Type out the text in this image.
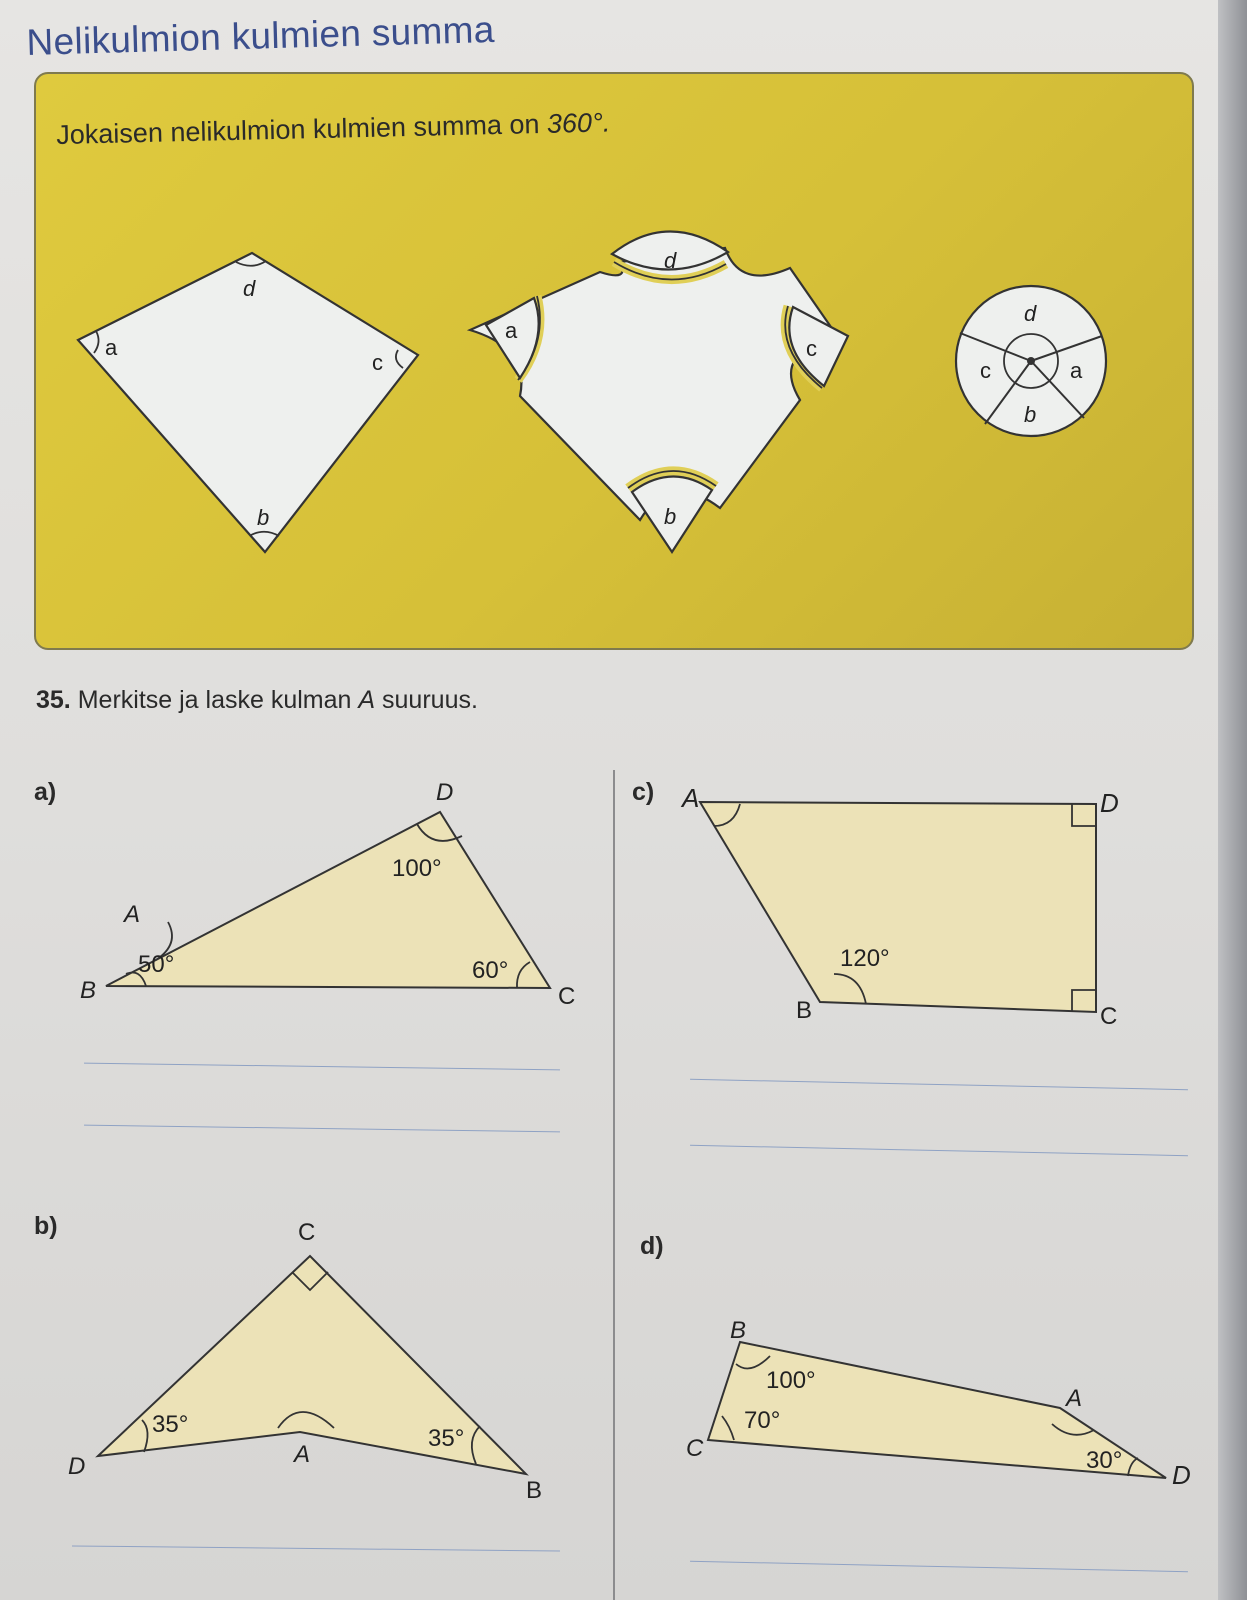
Nelikulmion kulmien summa
Jokaisen nelikulmion kulmien summa on 360°.
a
b
c
d
a
b
c
d
a
b
c
d
35. Merkitse ja laske kulman A suuruus.
a)	c)
b)
d)
A
B	C
D
50°	60°
100°
A
B	C
D
120°
C
D	A
B
35°
35°
B
C
A
D
100°
70°
30°
